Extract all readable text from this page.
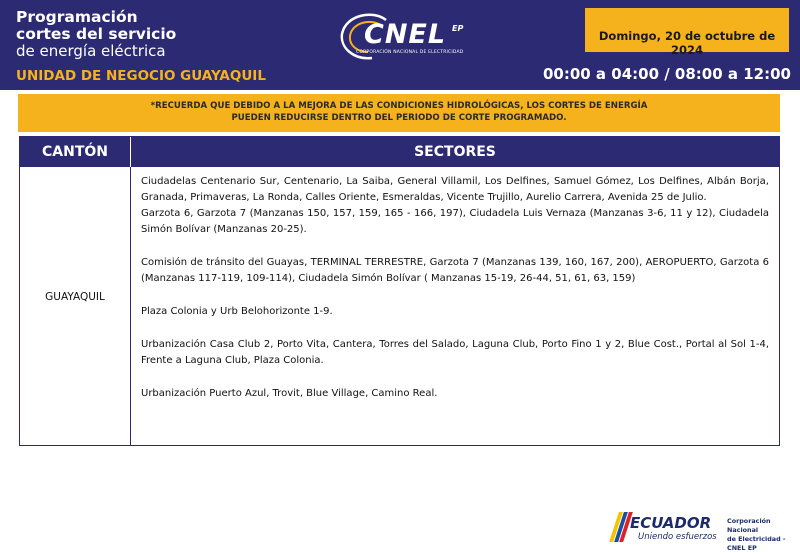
Programación
cortes del servicio
de energía eléctrica
UNIDAD DE NEGOCIO GUAYAQUIL
CNEL EP
CORPORACIÓN NACIONAL DE ELECTRICIDAD
Domingo, 20 de octubre de 2024
00:00 a 04:00 / 08:00 a 12:00
*RECUERDA QUE DEBIDO A LA MEJORA DE LAS CONDICIONES HIDROLÓGICAS, LOS CORTES DE ENERGÍA
PUEDEN REDUCIRSE DENTRO DEL PERIODO DE CORTE PROGRAMADO.
CANTÓN	SECTORES
GUAYAQUIL

Ciudadelas Centenario Sur, Centenario, La Saiba, General Villamil, Los Delfines, Samuel Gómez, Los Delfines, Albán Borja, Granada, Primaveras, La Ronda, Calles Oriente, Esmeraldas, Vicente Trujillo, Aurelio Carrera, Avenida 25 de Julio.

Garzota 6, Garzota 7 (Manzanas 150, 157, 159, 165 - 166, 197), Ciudadela Luis Vernaza (Manzanas 3-6, 11 y 12), Ciudadela Simón Bolívar (Manzanas 20-25).

Comisión de tránsito del Guayas, TERMINAL TERRESTRE, Garzota 7 (Manzanas 139, 160, 167, 200), AEROPUERTO, Garzota 6 (Manzanas 117-119, 109-114), Ciudadela Simón Bolívar ( Manzanas 15-19, 26-44, 51, 61, 63, 159)

Plaza Colonia y Urb Belohorizonte 1-9.

Urbanización Casa Club 2, Porto Vita, Cantera, Torres del Salado, Laguna Club, Porto Fino 1 y 2, Blue Cost., Portal al Sol 1-4, Frente a Laguna Club, Plaza Colonia.

Urbanización Puerto Azul, Trovit, Blue Village, Camino Real.

ECUADOR
Uniendo esfuerzos
Corporación Nacional
de Electricidad - CNEL EP
